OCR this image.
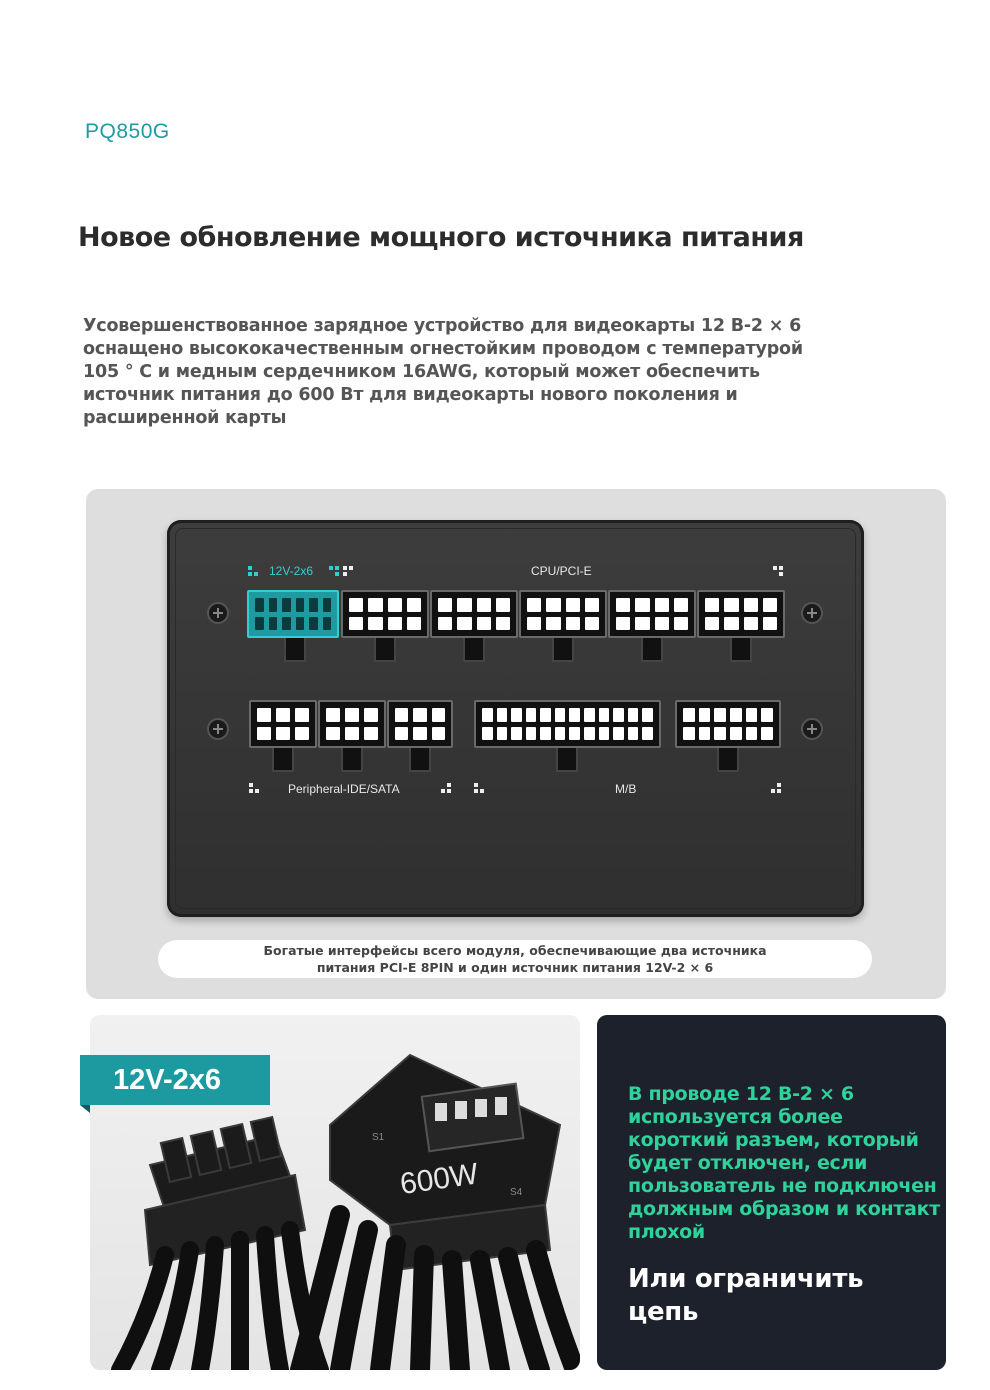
PQ850G
Новое обновление мощного источника питания
Усовершенствованное зарядное устройство для видеокарты 12 В-2 × 6
оснащено высококачественным огнестойким проводом с температурой
105 ° C и медным сердечником 16AWG, который может обеспечить
источник питания до 600 Вт для видеокарты нового поколения и
расширенной карты
12V-2x6	CPU/PCI-E
Peripheral-IDE/SATA	M/B
Богатые интерфейсы всего модуля, обеспечивающие два источника
питания PCI-E 8PIN и один источник питания 12V-2 × 6
600W
S1
S4
12V-2x6	В проводе 12 В-2 × 6
используется более
короткий разъем, который
будет отключен, если
пользователь не подключен
должным образом и контакт
плохой
Или ограничить
цепь
